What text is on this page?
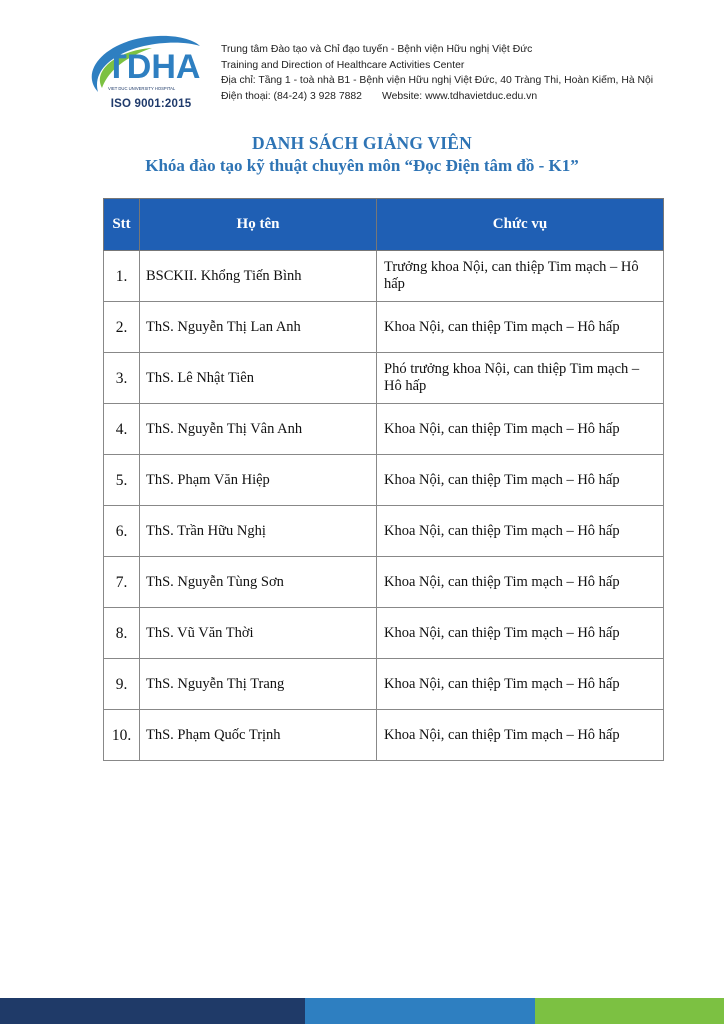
TDHA
VIET DUC UNIVERSITY HOSPITAL
ISO 9001:2015
Trung tâm Đào tạo và Chỉ đạo tuyến - Bệnh viện Hữu nghị Việt Đức
Training and Direction of Healthcare Activities Center
Địa chỉ: Tầng 1 - toà nhà B1 - Bệnh viện Hữu nghị Việt Đức, 40 Tràng Thi, Hoàn Kiếm, Hà Nội
Điện thoại: (84-24) 3 928 7882 Website: www.tdhavietduc.edu.vn
DANH SÁCH GIẢNG VIÊN
Khóa đào tạo kỹ thuật chuyên môn “Đọc Điện tâm đồ - K1”
Stt	Họ tên	Chức vụ
1.	BSCKII. Khổng Tiến Bình	Trưởng khoa Nội, can thiệp Tim mạch – Hô hấp
2.	ThS. Nguyễn Thị Lan Anh	Khoa Nội, can thiệp Tim mạch – Hô hấp
3.	ThS. Lê Nhật Tiên	Phó trưởng khoa Nội, can thiệp Tim mạch – Hô hấp
4.	ThS. Nguyễn Thị Vân Anh	Khoa Nội, can thiệp Tim mạch – Hô hấp
5.	ThS. Phạm Văn Hiệp	Khoa Nội, can thiệp Tim mạch – Hô hấp
6.	ThS. Trần Hữu Nghị	Khoa Nội, can thiệp Tim mạch – Hô hấp
7.	ThS. Nguyễn Tùng Sơn	Khoa Nội, can thiệp Tim mạch – Hô hấp
8.	ThS. Vũ Văn Thời	Khoa Nội, can thiệp Tim mạch – Hô hấp
9.	ThS. Nguyễn Thị Trang	Khoa Nội, can thiệp Tim mạch – Hô hấp
10.	ThS. Phạm Quốc Trịnh	Khoa Nội, can thiệp Tim mạch – Hô hấp
